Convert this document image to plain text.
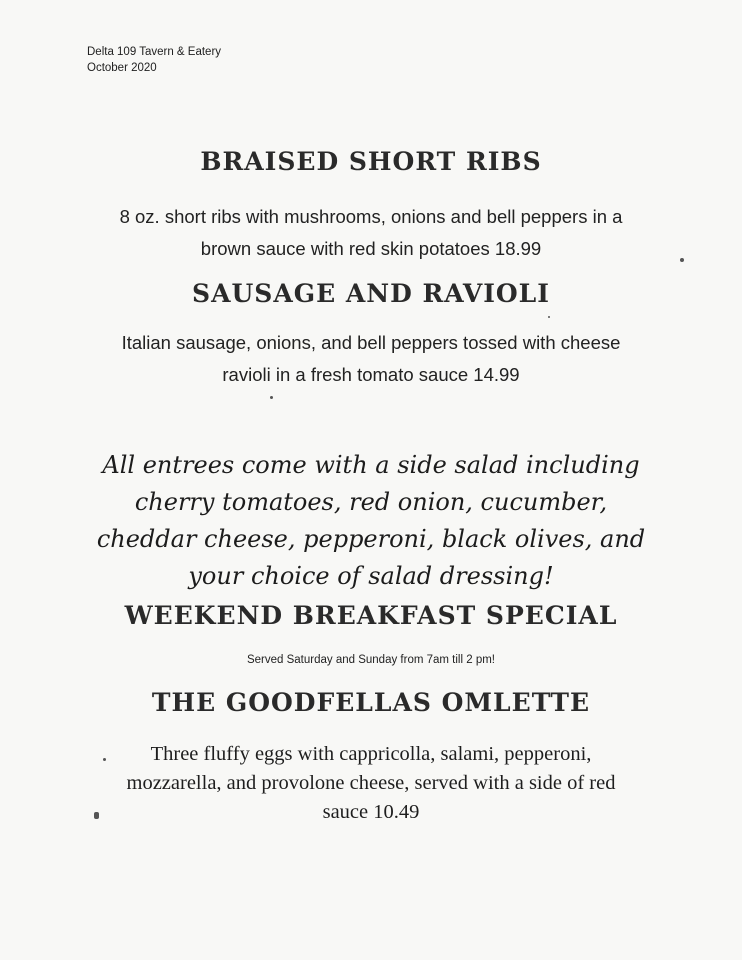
Delta 109 Tavern & Eatery
October 2020
BRAISED SHORT RIBS
8 oz. short ribs with mushrooms, onions and bell peppers in a
brown sauce with red skin potatoes 18.99
SAUSAGE AND RAVIOLI
Italian sausage, onions, and bell peppers tossed with cheese
ravioli in a fresh tomato sauce 14.99
All entrees come with a side salad including
cherry tomatoes, red onion, cucumber,
cheddar cheese, pepperoni, black olives, and
your choice of salad dressing!
WEEKEND BREAKFAST SPECIAL
Served Saturday and Sunday from 7am till 2 pm!
THE GOODFELLAS OMLETTE
Three fluffy eggs with cappricolla, salami, pepperoni,
mozzarella, and provolone cheese, served with a side of red
sauce 10.49
